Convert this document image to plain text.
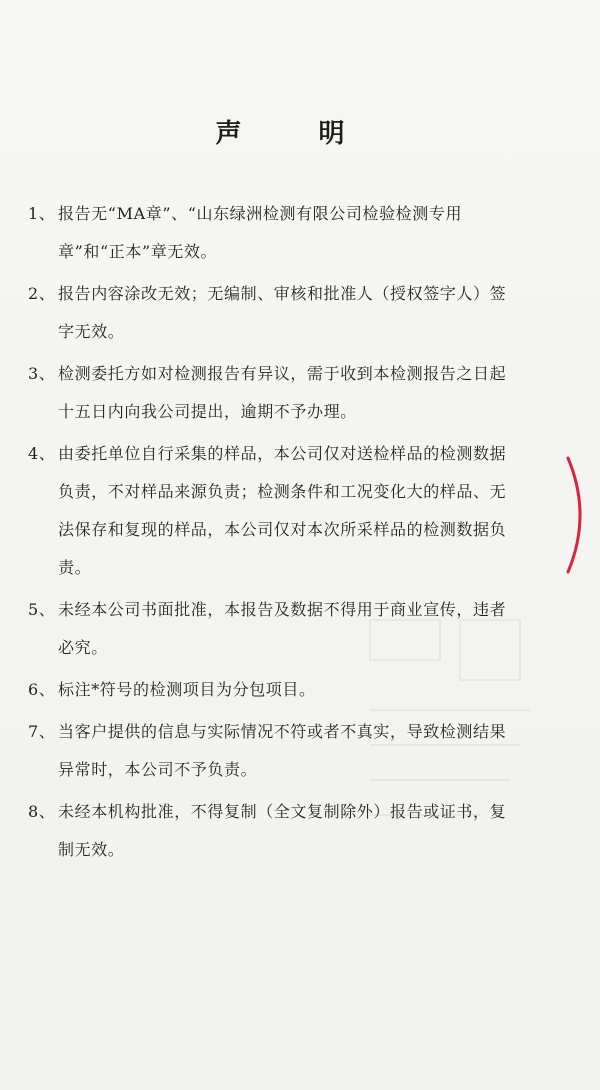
声 明
1、 报告无“MA章”、“山东绿洲检测有限公司检验检测专用章”和“正本”章无效。
2、 报告内容涂改无效；无编制、审核和批准人（授权签字人）签字无效。
3、 检测委托方如对检测报告有异议，需于收到本检测报告之日起十五日内向我公司提出，逾期不予办理。
4、 由委托单位自行采集的样品，本公司仅对送检样品的检测数据负责，不对样品来源负责；检测条件和工况变化大的样品、无法保存和复现的样品，本公司仅对本次所采样品的检测数据负责。
5、 未经本公司书面批准，本报告及数据不得用于商业宣传，违者必究。
6、 标注*符号的检测项目为分包项目。
7、 当客户提供的信息与实际情况不符或者不真实，导致检测结果异常时，本公司不予负责。
8、 未经本机构批准，不得复制（全文复制除外）报告或证书，复制无效。
